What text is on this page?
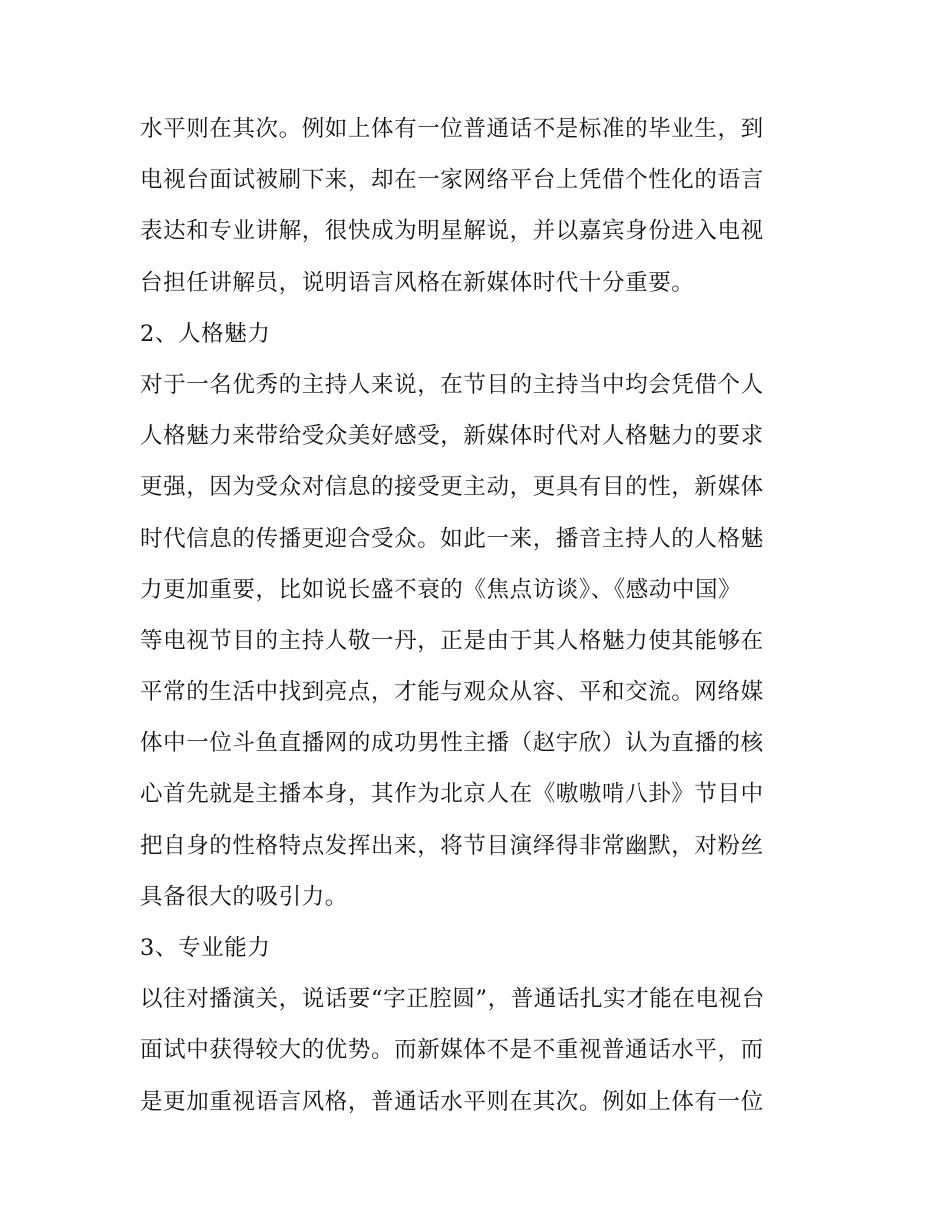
水平则在其次。例如上体有一位普通话不是标准的毕业生，到
电视台面试被刷下来，却在一家网络平台上凭借个性化的语言
表达和专业讲解，很快成为明星解说，并以嘉宾身份进入电视
台担任讲解员，说明语言风格在新媒体时代十分重要。
2、人格魅力
对于一名优秀的主持人来说，在节目的主持当中均会凭借个人
人格魅力来带给受众美好感受，新媒体时代对人格魅力的要求
更强，因为受众对信息的接受更主动，更具有目的性，新媒体
时代信息的传播更迎合受众。如此一来，播音主持人的人格魅
力更加重要，比如说长盛不衰的《焦点访谈》、《感动中国》
等电视节目的主持人敬一丹，正是由于其人格魅力使其能够在
平常的生活中找到亮点，才能与观众从容、平和交流。网络媒
体中一位斗鱼直播网的成功男性主播（赵宇欣）认为直播的核
心首先就是主播本身，其作为北京人在《嗷嗷啃八卦》节目中
把自身的性格特点发挥出来，将节目演绎得非常幽默，对粉丝
具备很大的吸引力。
3、专业能力
以往对播演关，说话要“字正腔圆”，普通话扎实才能在电视台
面试中获得较大的优势。而新媒体不是不重视普通话水平，而
是更加重视语言风格，普通话水平则在其次。例如上体有一位
